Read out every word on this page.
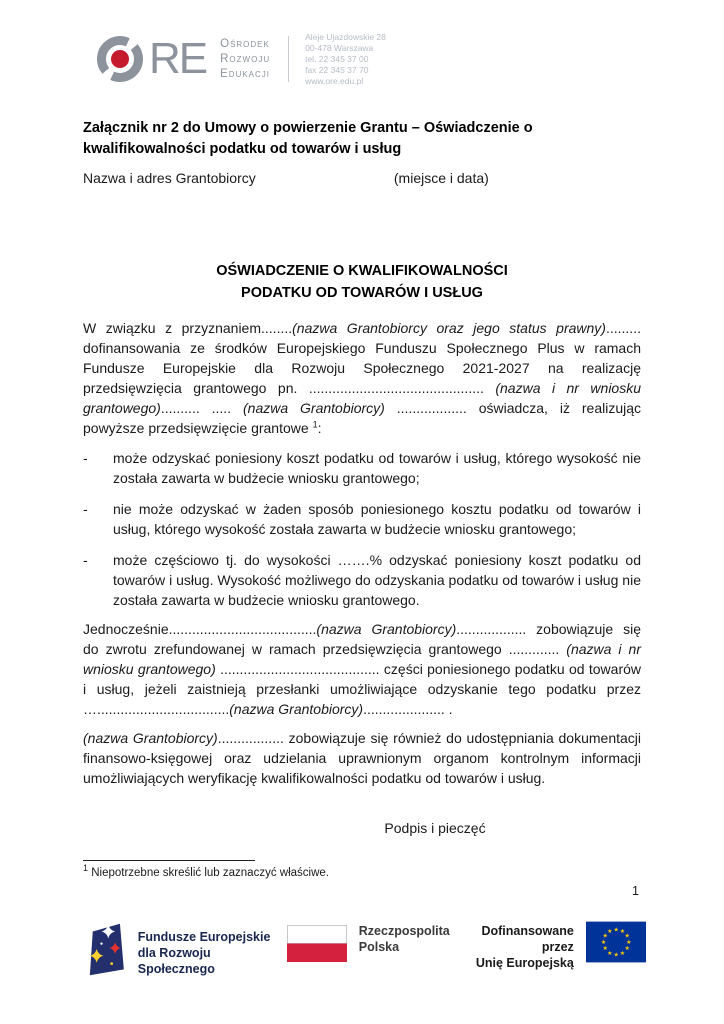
RE Ośrodek
Rozwoju
Edukacji
Aleje Ujazdowskie 28
00-478 Warszawa
tel. 22 345 37 00
fax 22 345 37 70
www.ore.edu.pl
Załącznik nr 2 do Umowy o powierzenie Grantu – Oświadczenie o kwalifikowalności podatku od towarów i usług
Nazwa i adres Grantobiorcy	(miejsce i data)
OŚWIADCZENIE O KWALIFIKOWALNOŚCI
PODATKU OD TOWARÓW I USŁUG

W związku z przyznaniem........(nazwa Grantobiorcy oraz jego status prawny)......... dofinansowania ze środków Europejskiego Funduszu Społecznego Plus w ramach Fundusze Europejskie dla Rozwoju Społecznego 2021-2027 na realizację przedsięwzięcia grantowego pn. ............................................. (nazwa i nr wniosku grantowego).......... ..... (nazwa Grantobiorcy) .................. oświadcza, iż realizując powyższe przedsięwzięcie grantowe $^1$:

-	może odzyskać poniesiony koszt podatku od towarów i usług, którego wysokość nie została zawarta w budżecie wniosku grantowego;
-	nie może odzyskać w żaden sposób poniesionego kosztu podatku od towarów i usług, którego wysokość została zawarta w budżecie wniosku grantowego;
-	może częściowo tj. do wysokości …….% odzyskać poniesiony koszt podatku od towarów i usług. Wysokość możliwego do odzyskania podatku od towarów i usług nie została zawarta w budżecie wniosku grantowego.

Jednocześnie......................................(nazwa Grantobiorcy).................. zobowiązuje się do zwrotu zrefundowanej w ramach przedsięwzięcia grantowego ............. (nazwa i nr wniosku grantowego) ......................................... części poniesionego podatku od towarów i usług, jeżeli zaistnieją przesłanki umożliwiające odzyskanie tego podatku przez …..................................(nazwa Grantobiorcy)..................... .

(nazwa Grantobiorcy)................. zobowiązuje się również do udostępniania dokumentacji finansowo-księgowej oraz udzielania uprawnionym organom kontrolnym informacji umożliwiających weryfikację kwalifikowalności podatku od towarów i usług.

Podpis i pieczęć
$^1$ Niepotrzebne skreślić lub zaznaczyć właściwe.
1
Fundusze Europejskie
dla Rozwoju Społecznego
Rzeczpospolita
Polska
Dofinansowane przez
Unię Europejską
★ ★
★
★
★
★
★
★
★
★
★
★
